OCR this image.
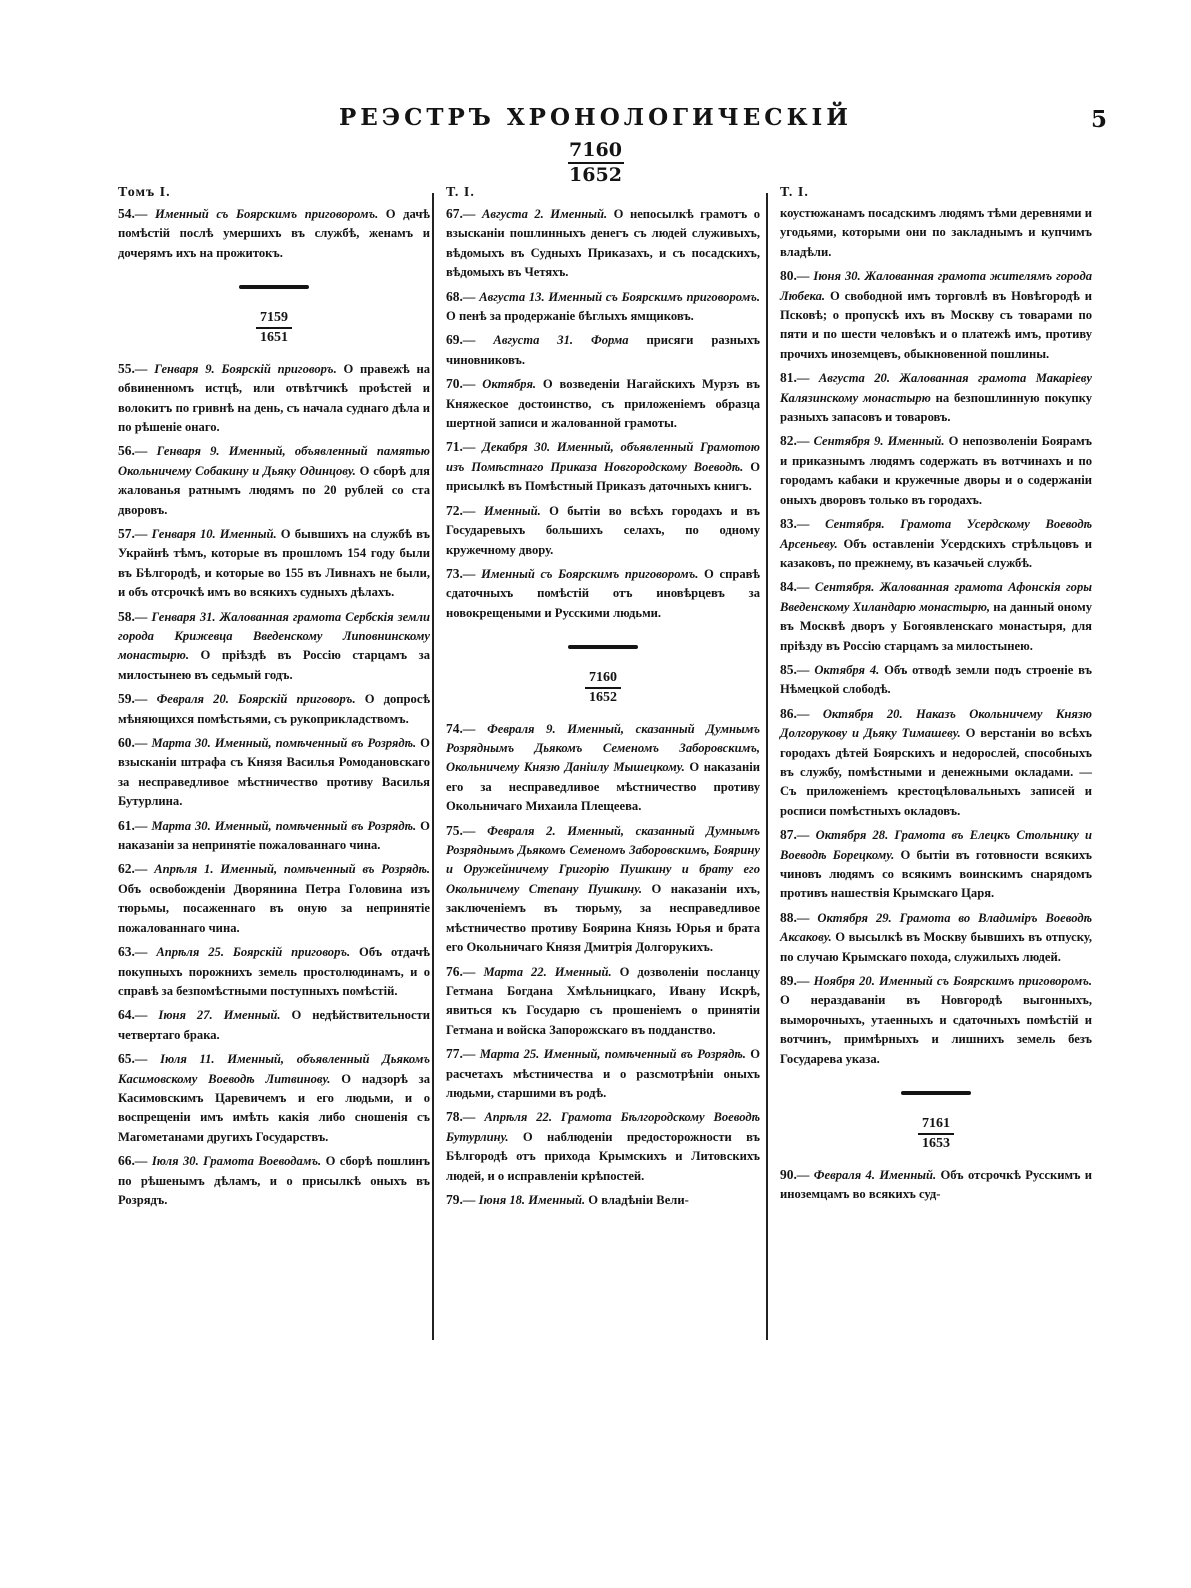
РЕЭСТРЪ ХРОНОЛОГИЧЕСКІЙ	5
7160
1652
Томъ I.

54.— Именный съ Боярскимъ приговоромъ. О дачѣ помѣстій послѣ умершихъ въ службѣ, женамъ и дочерямъ ихъ на прожитокъ.

7159
1651

55.— Генваря 9. Боярскій приговоръ. О правежѣ на обвиненномъ истцѣ, или отвѣтчикѣ проѣстей и волокитъ по гривнѣ на день, съ начала суднаго дѣла и по рѣшеніе онаго.

56.— Генваря 9. Именный, объявленный памятью Окольничему Собакину и Дьяку Одинцову. О сборѣ для жалованья ратнымъ людямъ по 20 рублей со ста дворовъ.

57.— Генваря 10. Именный. О бывшихъ на службѣ въ Украйнѣ тѣмъ, которые въ прошломъ 154 году были въ Бѣлгородѣ, и которые во 155 въ Ливнахъ не были, и объ отсрочкѣ имъ во всякихъ судныхъ дѣлахъ.

58.— Генваря 31. Жалованная грамота Сербскія земли города Крижевца Введенскому Липовнинскому монастырю. О пріѣздѣ въ Россію старцамъ за милостынею въ седьмый годъ.

59.— Февраля 20. Боярскій приговоръ. О допросѣ мѣняющихся помѣстьями, съ рукоприкладствомъ.

60.— Марта 30. Именный, помѣченный въ Розрядѣ. О взысканіи штрафа съ Князя Василья Ромодановскаго за несправедливое мѣстничество противу Василья Бутурлина.

61.— Марта 30. Именный, помѣченный въ Розрядѣ. О наказаніи за непринятіе пожалованнаго чина.

62.— Апрѣля 1. Именный, помѣченный въ Розрядѣ. Объ освобожденіи Дворянина Петра Головина изъ тюрьмы, посаженнаго въ оную за непринятіе пожалованнаго чина.

63.— Апрѣля 25. Боярскій приговоръ. Объ отдачѣ покупныхъ порожнихъ земель простолюдинамъ, и о справѣ за безпомѣстными поступныхъ помѣстій.

64.— Іюня 27. Именный. О недѣйствительности четвертаго брака.

65.— Іюля 11. Именный, объявленный Дьякомъ Касимовскому Воеводѣ Литвинову. О надзорѣ за Касимовскимъ Царевичемъ и его людьми, и о воспрещеніи имъ имѣть какія либо сношенія съ Магометанами другихъ Государствъ.

66.— Іюля 30. Грамота Воеводамъ. О сборѣ пошлинъ по рѣшенымъ дѣламъ, и о присылкѣ оныхъ въ Розрядъ.

Т. I.

67.— Августа 2. Именный. О непосылкѣ грамотъ о взысканіи пошлинныхъ денегъ съ людей служивыхъ, вѣдомыхъ въ Судныхъ Приказахъ, и съ посадскихъ, вѣдомыхъ въ Четяхъ.

68.— Августа 13. Именный съ Боярскимъ приговоромъ. О пенѣ за продержаніе бѣглыхъ ямщиковъ.

69.— Августа 31. Форма присяги разныхъ чиновниковъ.

70.— Октября. О возведеніи Нагайскихъ Мурзъ въ Княжеское достоинство, съ приложеніемъ образца шертной записи и жалованной грамоты.

71.— Декабря 30. Именный, объявленный Грамотою изъ Помѣстнаго Приказа Новгородскому Воеводѣ. О присылкѣ въ Помѣстный Приказъ даточныхъ книгъ.

72.— Именный. О бытіи во всѣхъ городахъ и въ Государевыхъ большихъ селахъ, по одному кружечному двору.

73.— Именный съ Боярскимъ приговоромъ. О справѣ сдаточныхъ помѣстій отъ иновѣрцевъ за новокрещеными и Русскими людьми.

7160
1652

74.— Февраля 9. Именный, сказанный Думнымъ Розряднымъ Дьякомъ Семеномъ Заборовскимъ, Окольничему Князю Даніилу Мышецкому. О наказаніи его за несправедливое мѣстничество противу Окольничаго Михаила Плещеева.

75.— Февраля 2. Именный, сказанный Думнымъ Розряднымъ Дьякомъ Семеномъ Заборовскимъ, Боярину и Оружейничему Григорію Пушкину и брату его Окольничему Степану Пушкину. О наказаніи ихъ, заключеніемъ въ тюрьму, за несправедливое мѣстничество противу Боярина Князь Юрья и брата его Окольничаго Князя Дмитрія Долгорукихъ.

76.— Марта 22. Именный. О дозволеніи посланцу Гетмана Богдана Хмѣльницкаго, Ивану Искрѣ, явиться къ Государю съ прошеніемъ о принятіи Гетмана и войска Запорожскаго въ подданство.

77.— Марта 25. Именный, помѣченный въ Розрядѣ. О расчетахъ мѣстничества и о разсмотрѣніи оныхъ людьми, старшими въ родѣ.

78.— Апрѣля 22. Грамота Бѣлгородскому Воеводѣ Бутурлину. О наблюденіи предосторожности въ Бѣлгородѣ отъ прихода Крымскихъ и Литовскихъ людей, и о исправленіи крѣпостей.

79.— Іюня 18. Именный. О владѣніи Вели-

Т. I.

коустюжанамъ посадскимъ людямъ тѣми деревнями и угодьями, которыми они по закладнымъ и купчимъ владѣли.

80.— Іюня 30. Жалованная грамота жителямъ города Любека. О свободной имъ торговлѣ въ Новѣгородѣ и Псковѣ; о пропускѣ ихъ въ Москву съ товарами по пяти и по шести человѣкъ и о платежѣ имъ, противу прочихъ иноземцевъ, обыкновенной пошлины.

81.— Августа 20. Жалованная грамота Макаріеву Калязинскому монастырю на безпошлинную покупку разныхъ запасовъ и товаровъ.

82.— Сентября 9. Именный. О непозволеніи Боярамъ и приказнымъ людямъ содержать въ вотчинахъ и по городамъ кабаки и кружечные дворы и о содержаніи оныхъ дворовъ только въ городахъ.

83.— Сентября. Грамота Усердскому Воеводѣ Арсеньеву. Объ оставленіи Усердскихъ стрѣльцовъ и казаковъ, по прежнему, въ казачьей службѣ.

84.— Сентября. Жалованная грамота Афонскія горы Введенскому Хиландарю монастырю, на данный оному въ Москвѣ дворъ у Богоявленскаго монастыря, для пріѣзду въ Россію старцамъ за милостынею.

85.— Октября 4. Объ отводѣ земли подъ строеніе въ Нѣмецкой слободѣ.

86.— Октября 20. Наказъ Окольничему Князю Долгорукову и Дьяку Тимашеву. О верстаніи во всѣхъ городахъ дѣтей Боярскихъ и недорослей, способныхъ въ службу, помѣстными и денежными окладами. — Съ приложеніемъ крестоцѣловальныхъ записей и росписи помѣстныхъ окладовъ.

87.— Октября 28. Грамота въ Елецкъ Стольнику и Воеводѣ Борецкому. О бытіи въ готовности всякихъ чиновъ людямъ со всякимъ воинскимъ снарядомъ противъ нашествія Крымскаго Царя.

88.— Октября 29. Грамота во Владиміръ Воеводѣ Аксакову. О высылкѣ въ Москву бывшихъ въ отпуску, по случаю Крымскаго похода, служилыхъ людей.

89.— Ноября 20. Именный съ Боярскимъ приговоромъ. О нераздаваніи въ Новгородѣ выгонныхъ, выморочныхъ, утаенныхъ и сдаточныхъ помѣстій и вотчинъ, примѣрныхъ и лишнихъ земель безъ Государева указа.

7161
1653

90.— Февраля 4. Именный. Объ отсрочкѣ Русскимъ и иноземцамъ во всякихъ суд-
